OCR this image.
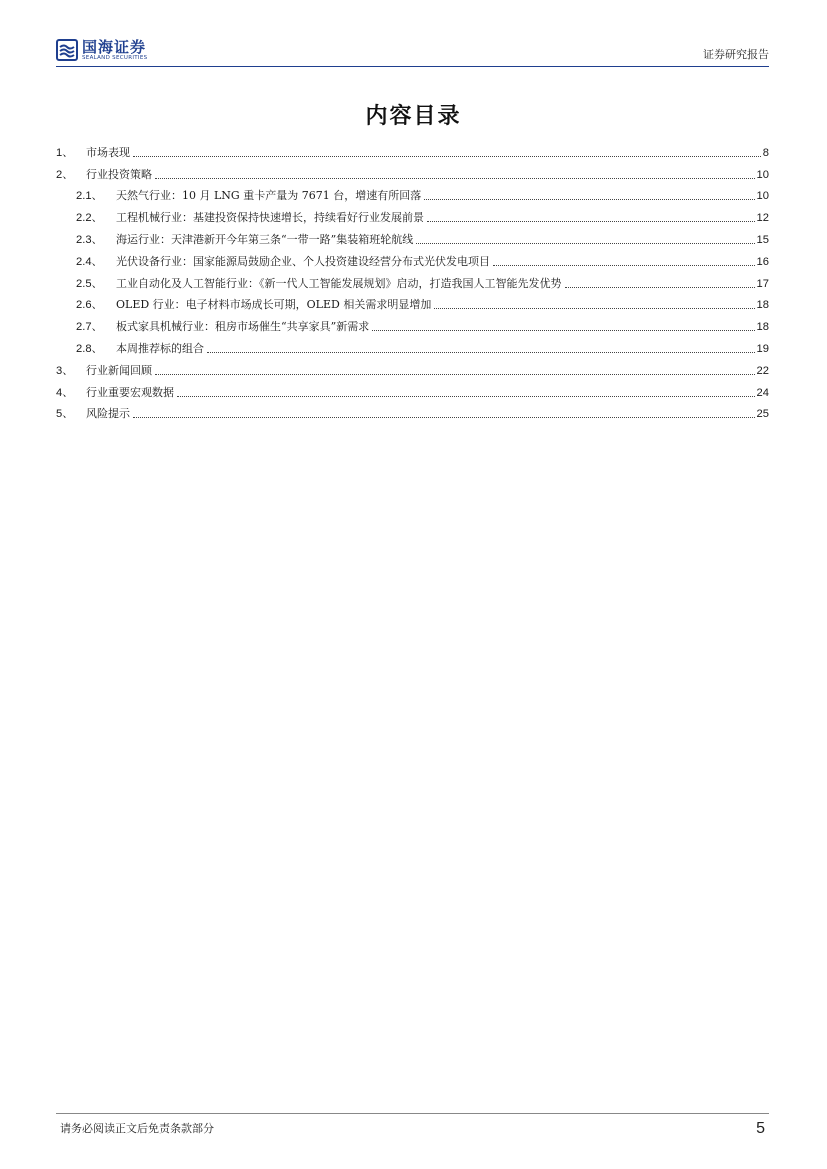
国海证券
SEALAND SECURITIES	证券研究报告
内容目录
1、	市场表现	8
2、	行业投资策略	10
2.1、	天然气行业：10 月 LNG 重卡产量为 7671 台，增速有所回落	10
2.2、	工程机械行业：基建投资保持快速增长，持续看好行业发展前景	12
2.3、	海运行业：天津港新开今年第三条“一带一路”集装箱班轮航线	15
2.4、	光伏设备行业：国家能源局鼓励企业、个人投资建设经营分布式光伏发电项目	16
2.5、	工业自动化及人工智能行业：《新一代人工智能发展规划》启动，打造我国人工智能先发优势	17
2.6、	OLED 行业：电子材料市场成长可期，OLED 相关需求明显增加	18
2.7、	板式家具机械行业：租房市场催生“共享家具”新需求	18
2.8、	本周推荐标的组合	19
3、	行业新闻回顾	22
4、	行业重要宏观数据	24
5、	风险提示	25
请务必阅读正文后免责条款部分	5
